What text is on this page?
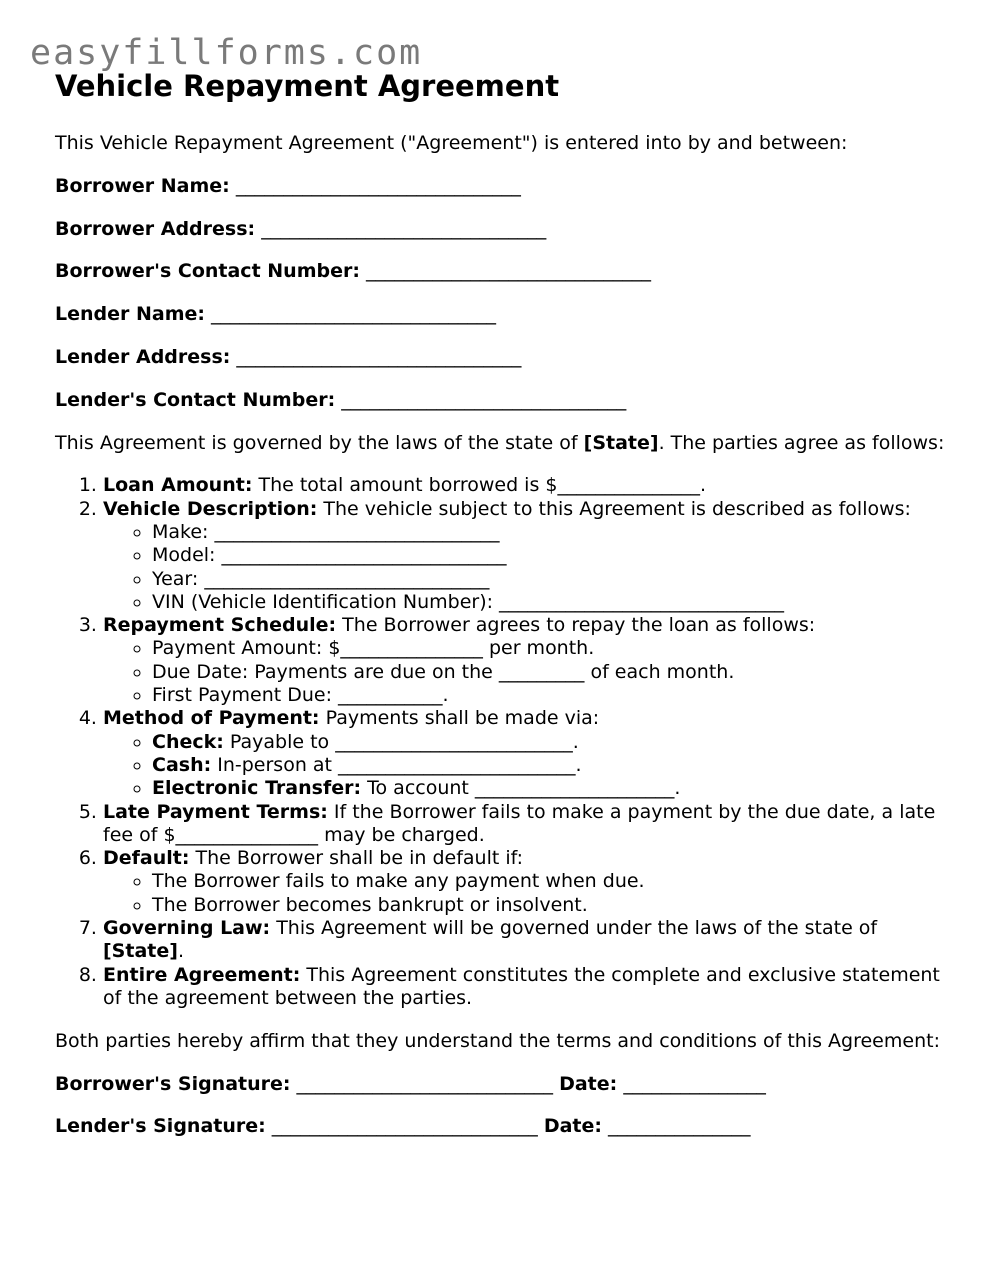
easyfillforms.com
Vehicle Repayment Agreement

This Vehicle Repayment Agreement ("Agreement") is entered into by and between:

Borrower Name: ______________________________

Borrower Address: ______________________________

Borrower's Contact Number: ______________________________

Lender Name: ______________________________

Lender Address: ______________________________

Lender's Contact Number: ______________________________

This Agreement is governed by the laws of the state of [State]. The parties agree as follows:

1. Loan Amount: The total amount borrowed is $_______________.
2. Vehicle Description: The vehicle subject to this Agreement is described as follows:
◦ Make: ______________________________
◦ Model: ______________________________
◦ Year: ______________________________
◦ VIN (Vehicle Identification Number): ______________________________
3. Repayment Schedule: The Borrower agrees to repay the loan as follows:
◦ Payment Amount: $_______________ per month.
◦ Due Date: Payments are due on the _________ of each month.
◦ First Payment Due: ___________.
4. Method of Payment: Payments shall be made via:
◦ Check: Payable to _________________________.
◦ Cash: In-person at _________________________.
◦ Electronic Transfer: To account _____________________.
5. Late Payment Terms: If the Borrower fails to make a payment by the due date, a late fee of $_______________ may be charged.
6. Default: The Borrower shall be in default if:
◦ The Borrower fails to make any payment when due.
◦ The Borrower becomes bankrupt or insolvent.
7. Governing Law: This Agreement will be governed under the laws of the state of [State].
8. Entire Agreement: This Agreement constitutes the complete and exclusive statement of the agreement between the parties.

Both parties hereby affirm that they understand the terms and conditions of this Agreement:

Borrower's Signature: ___________________________ Date: _______________

Lender's Signature: ____________________________ Date: _______________
